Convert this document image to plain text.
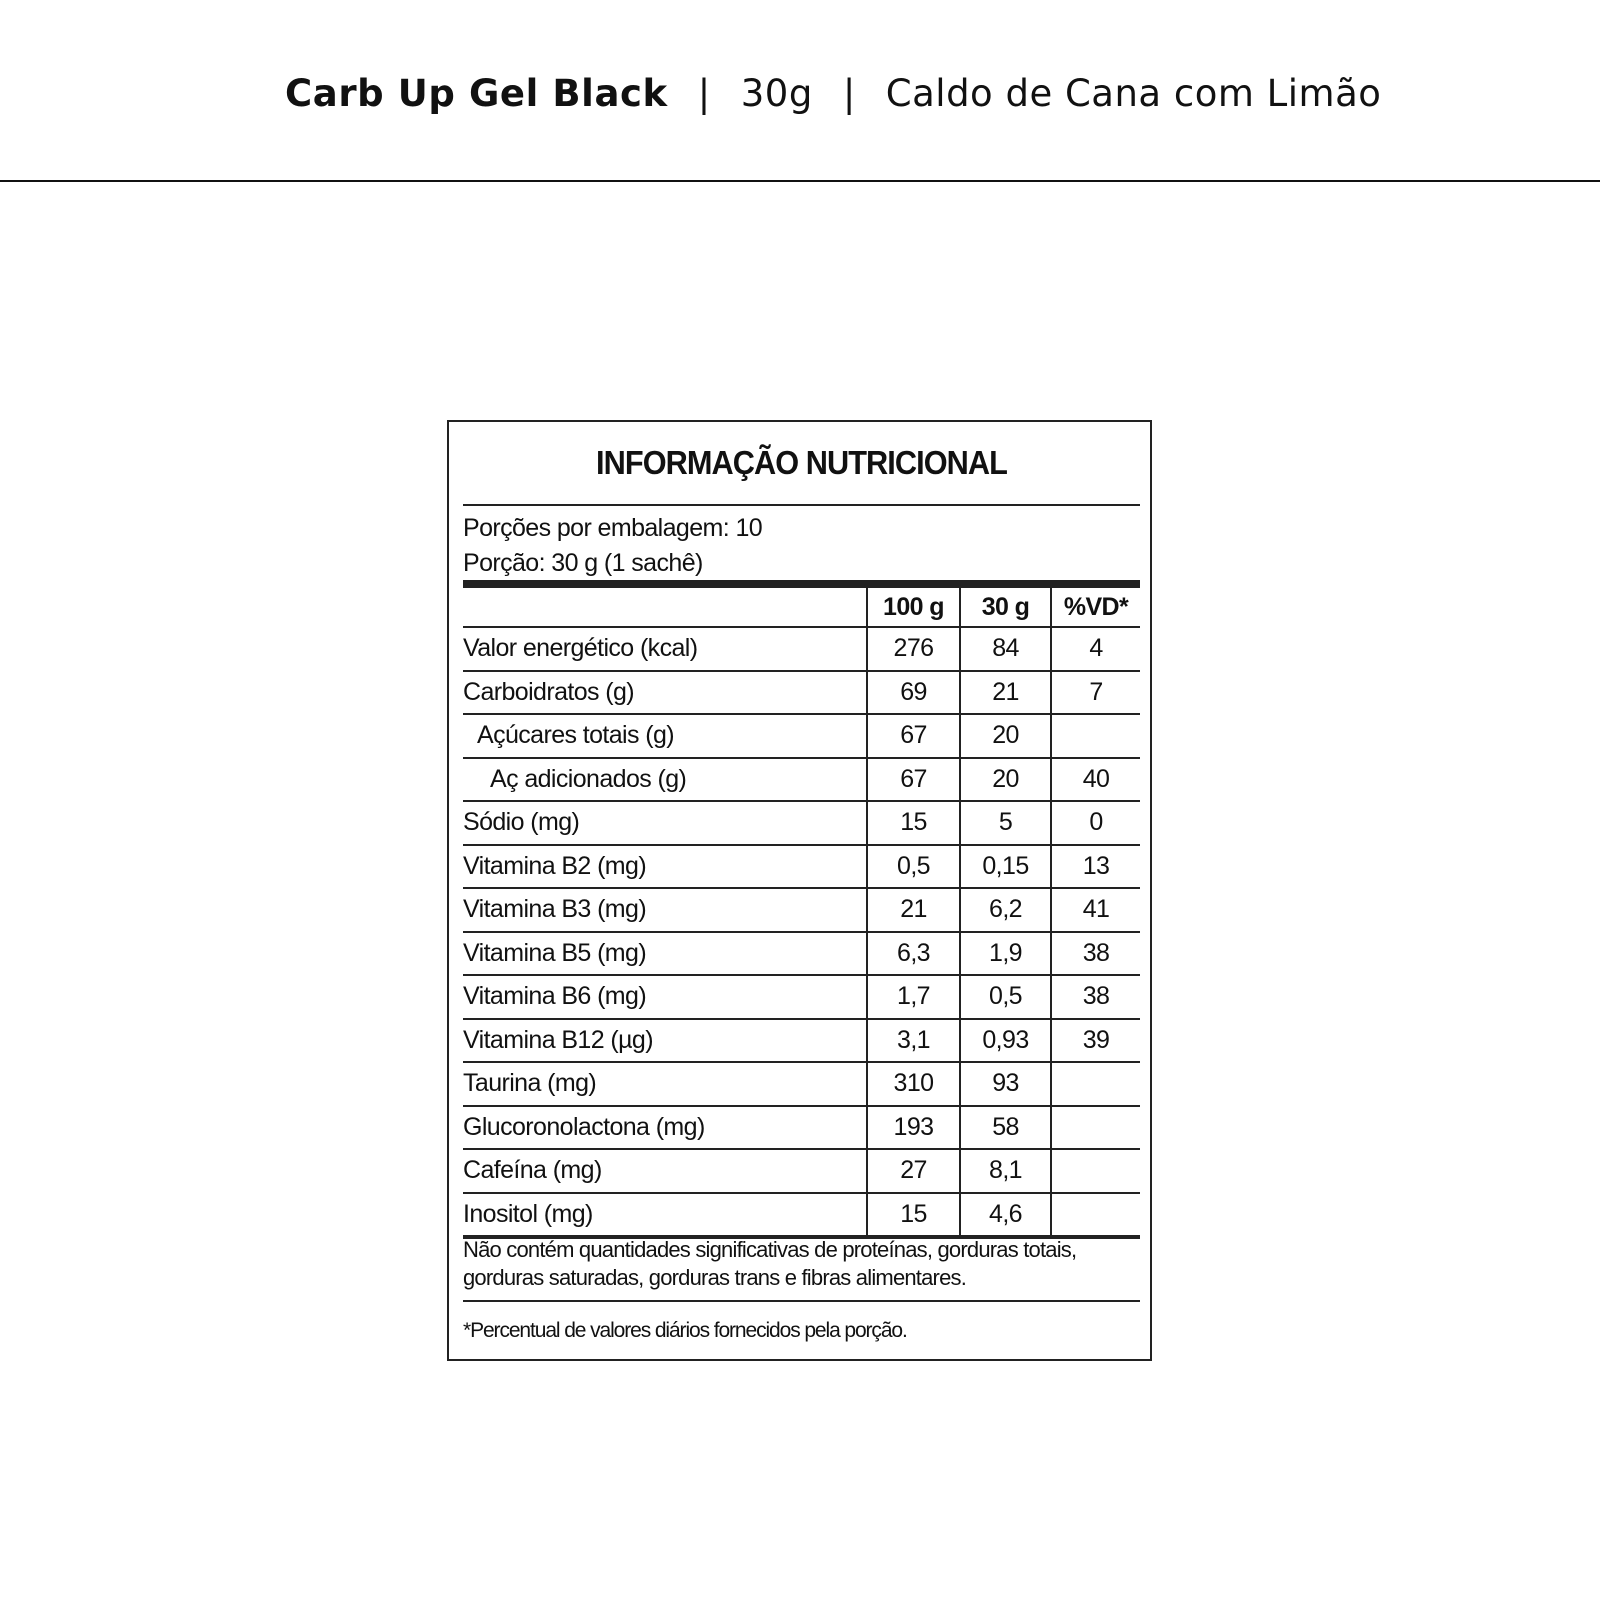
Carb Up Gel Black | 30g | Caldo de Cana com Limão
INFORMAÇÃO NUTRICIONAL
Porções por embalagem: 10
Porção: 30 g (1 sachê)
	100 g	30 g	%VD*
Valor energético (kcal)	276	84	4
Carboidratos (g)	69	21	7
Açúcares totais (g)	67	20	
Aç adicionados (g)	67	20	40
Sódio (mg)	15	5	0
Vitamina B2 (mg)	0,5	0,15	13
Vitamina B3 (mg)	21	6,2	41
Vitamina B5 (mg)	6,3	1,9	38
Vitamina B6 (mg)	1,7	0,5	38
Vitamina B12 (µg)	3,1	0,93	39
Taurina (mg)	310	93	
Glucoronolactona (mg)	193	58	
Cafeína (mg)	27	8,1	
Inositol (mg)	15	4,6	
Não contém quantidades significativas de proteínas, gorduras totais, gorduras saturadas, gorduras trans e fibras alimentares.
*Percentual de valores diários fornecidos pela porção.
